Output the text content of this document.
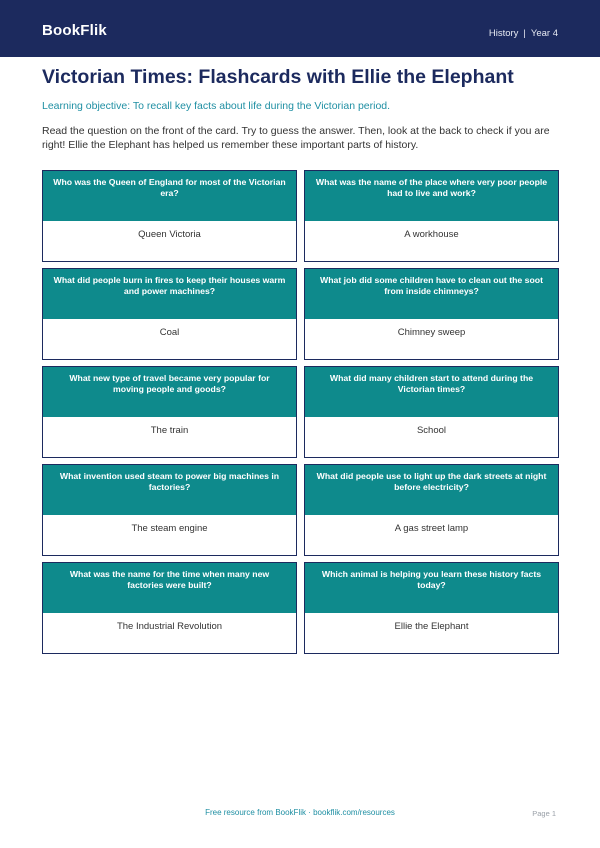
BookFlik	History | Year 4
Victorian Times: Flashcards with Ellie the Elephant

Learning objective: To recall key facts about life during the Victorian period.

Read the question on the front of the card. Try to guess the answer. Then, look at the back to check if you are right! Ellie the Elephant has helped us remember these important parts of history.

Who was the Queen of England for most of the Victorian era?
Queen Victoria
What was the name of the place where very poor people had to live and work?
A workhouse
What did people burn in fires to keep their houses warm and power machines?
Coal
What job did some children have to clean out the soot from inside chimneys?
Chimney sweep
What new type of travel became very popular for moving people and goods?
The train
What did many children start to attend during the Victorian times?
School
What invention used steam to power big machines in factories?
The steam engine
What did people use to light up the dark streets at night before electricity?
A gas street lamp
What was the name for the time when many new factories were built?
The Industrial Revolution
Which animal is helping you learn these history facts today?
Ellie the Elephant
Free resource from BookFlik · bookflik.com/resources	Page 1
